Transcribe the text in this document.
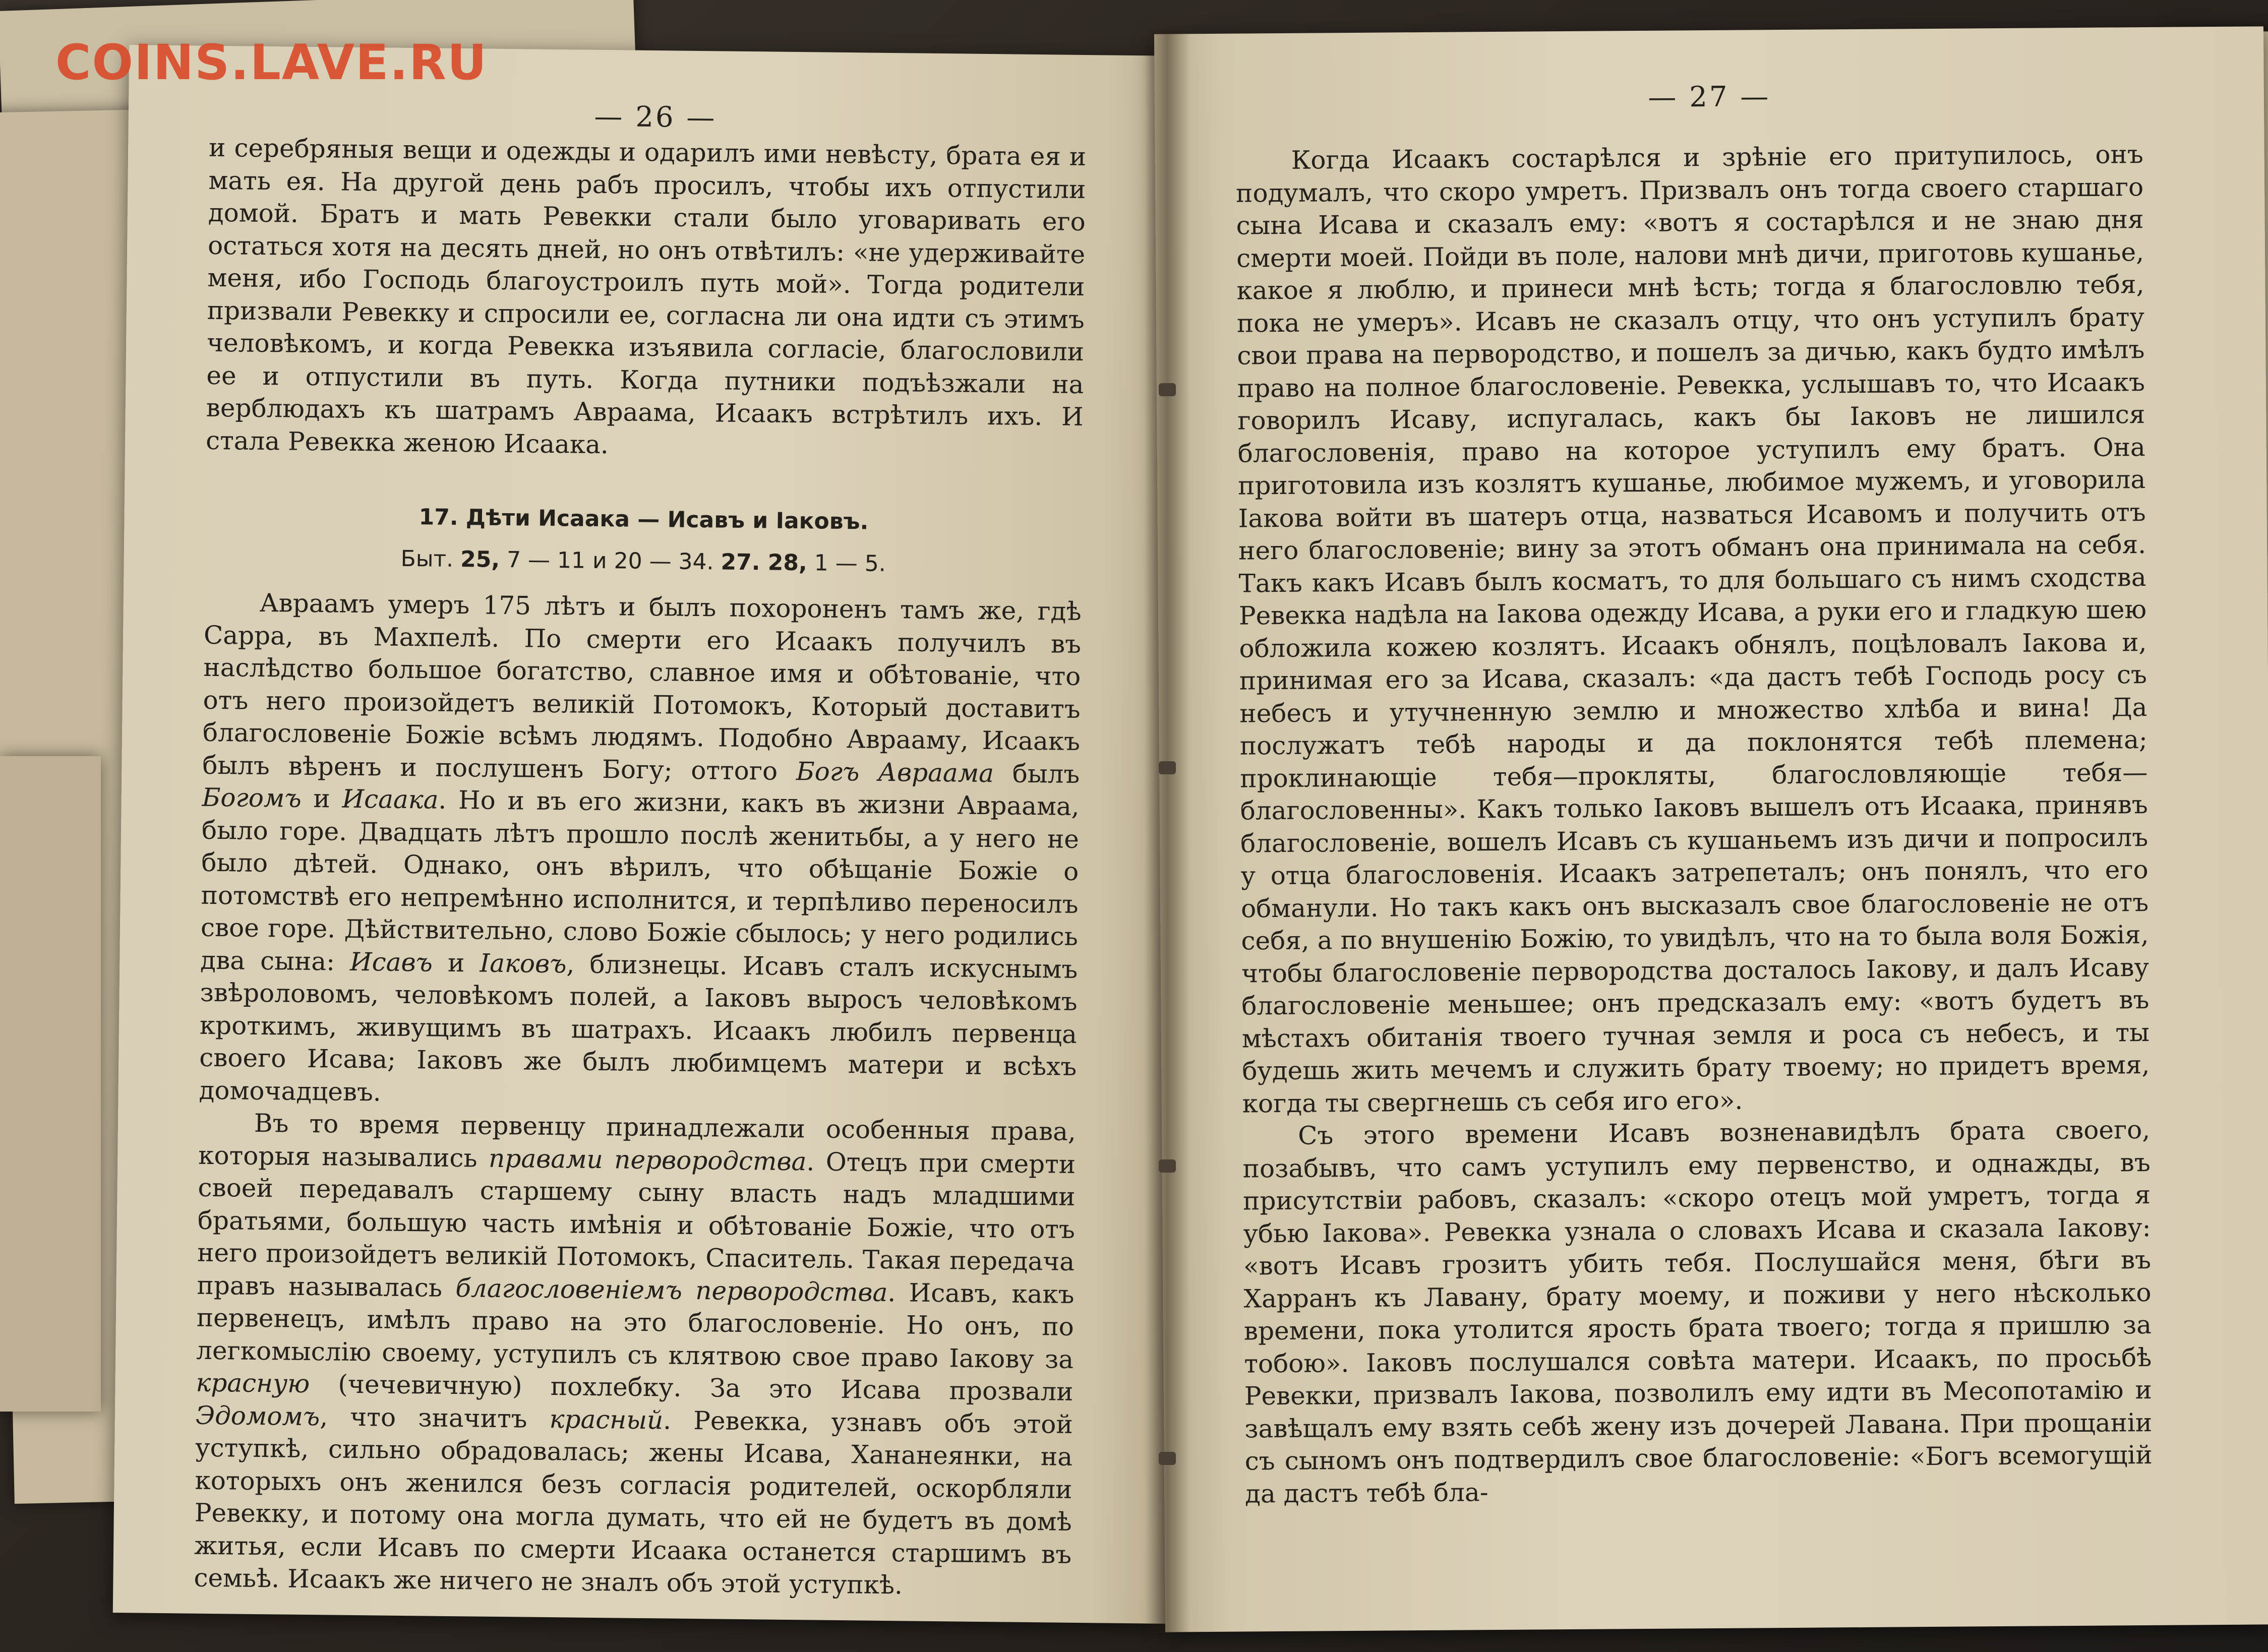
COINS.LAVE.RU
— 26 —

и серебряныя вещи и одежды и одарилъ ими невѣсту, брата ея и мать ея. На другой день рабъ просилъ, чтобы ихъ отпустили домой. Братъ и мать Ревекки стали было уговаривать его остаться хотя на десять дней, но онъ отвѣтилъ: «не удерживайте меня, ибо Господь благоустроилъ путь мой». Тогда родители призвали Ревекку и спросили ее, согласна ли она идти съ этимъ человѣкомъ, и когда Ревекка изъявила согласіе, благословили ее и отпустили въ путь. Когда путники подъѣзжали на верблюдахъ къ шатрамъ Авраама, Исаакъ встрѣтилъ ихъ. И стала Ревекка женою Исаака.

17. Дѣти Исаака — Исавъ и Іаковъ.

Быт. 25, 7 — 11 и 20 — 34. 27. 28, 1 — 5.

Авраамъ умеръ 175 лѣтъ и былъ похороненъ тамъ же, гдѣ Сарра, въ Махпелѣ. По смерти его Исаакъ получилъ въ наслѣдство большое богатство, славное имя и обѣтованіе, что отъ него произойдетъ великій Потомокъ, Который доставитъ благословеніе Божіе всѣмъ людямъ. Подобно Аврааму, Исаакъ былъ вѣренъ и послушенъ Богу; оттого Богъ Авраама былъ Богомъ и Исаака. Но и въ его жизни, какъ въ жизни Авраама, было горе. Двадцать лѣтъ прошло послѣ женитьбы, а у него не было дѣтей. Однако, онъ вѣрилъ, что обѣщаніе Божіе о потомствѣ его непремѣнно исполнится, и терпѣливо переносилъ свое горе. Дѣйствительно, слово Божіе сбылось; у него родились два сына: Исавъ и Іаковъ, близнецы. Исавъ сталъ искуснымъ звѣроловомъ, человѣкомъ полей, а Іаковъ выросъ человѣкомъ кроткимъ, живущимъ въ шатрахъ. Исаакъ любилъ первенца своего Исава; Іаковъ же былъ любимцемъ матери и всѣхъ домочадцевъ.

Въ то время первенцу принадлежали особенныя права, которыя назывались правами первородства. Отецъ при смерти своей передавалъ старшему сыну власть надъ младшими братьями, большую часть имѣнія и обѣтованіе Божіе, что отъ него произойдетъ великій Потомокъ, Спаситель. Такая передача правъ называлась благословеніемъ первородства. Исавъ, какъ первенецъ, имѣлъ право на это благословеніе. Но онъ, по легкомыслію своему, уступилъ съ клятвою свое право Іакову за красную (чечевичную) похлебку. За это Исава прозвали Эдомомъ, что значитъ красный. Ревекка, узнавъ объ этой уступкѣ, сильно обрадовалась; жены Исава, Хананеянки, на которыхъ онъ женился безъ согласія родителей, оскорбляли Ревекку, и потому она могла думать, что ей не будетъ въ домѣ житья, если Исавъ по смерти Исаака останется старшимъ въ семьѣ. Исаакъ же ничего не зналъ объ этой уступкѣ.

— 27 —

Когда Исаакъ состарѣлся и зрѣніе его притупилось, онъ подумалъ, что скоро умретъ. Призвалъ онъ тогда своего старшаго сына Исава и сказалъ ему: «вотъ я состарѣлся и не знаю дня смерти моей. Пойди въ поле, налови мнѣ дичи, приготовь кушанье, какое я люблю, и принеси мнѣ ѣсть; тогда я благословлю тебя, пока не умеръ». Исавъ не сказалъ отцу, что онъ уступилъ брату свои права на первородство, и пошелъ за дичью, какъ будто имѣлъ право на полное благословеніе. Ревекка, услышавъ то, что Исаакъ говорилъ Исаву, испугалась, какъ бы Іаковъ не лишился благословенія, право на которое уступилъ ему братъ. Она приготовила изъ козлятъ кушанье, любимое мужемъ, и уговорила Іакова войти въ шатеръ отца, назваться Исавомъ и получить отъ него благословеніе; вину за этотъ обманъ она принимала на себя. Такъ какъ Исавъ былъ косматъ, то для большаго съ нимъ сходства Ревекка надѣла на Іакова одежду Исава, а руки его и гладкую шею обложила кожею козлятъ. Исаакъ обнялъ, поцѣловалъ Іакова и, принимая его за Исава, сказалъ: «да дастъ тебѣ Господь росу съ небесъ и утучненную землю и множество хлѣба и вина! Да послужатъ тебѣ народы и да поклонятся тебѣ племена; проклинающіе тебя—прокляты, благословляющіе тебя—благословенны». Какъ только Іаковъ вышелъ отъ Исаака, принявъ благословеніе, вошелъ Исавъ съ кушаньемъ изъ дичи и попросилъ у отца благословенія. Исаакъ затрепеталъ; онъ понялъ, что его обманули. Но такъ какъ онъ высказалъ свое благословеніе не отъ себя, а по внушенію Божію, то увидѣлъ, что на то была воля Божія, чтобы благословеніе первородства досталось Іакову, и далъ Исаву благословеніе меньшее; онъ предсказалъ ему: «вотъ будетъ въ мѣстахъ обитанія твоего тучная земля и роса съ небесъ, и ты будешь жить мечемъ и служить брату твоему; но придетъ время, когда ты свергнешь съ себя иго его».

Съ этого времени Исавъ возненавидѣлъ брата своего, позабывъ, что самъ уступилъ ему первенство, и однажды, въ присутствіи рабовъ, сказалъ: «скоро отецъ мой умретъ, тогда я убью Іакова». Ревекка узнала о словахъ Исава и сказала Іакову: «вотъ Исавъ грозитъ убить тебя. Послушайся меня, бѣги въ Харранъ къ Лавану, брату моему, и поживи у него нѣсколько времени, пока утолится ярость брата твоего; тогда я пришлю за тобою». Іаковъ послушался совѣта матери. Исаакъ, по просьбѣ Ревекки, призвалъ Іакова, позволилъ ему идти въ Месопотамію и завѣщалъ ему взять себѣ жену изъ дочерей Лавана. При прощаніи съ сыномъ онъ подтвердилъ свое благословеніе: «Богъ всемогущій да дастъ тебѣ бла-
